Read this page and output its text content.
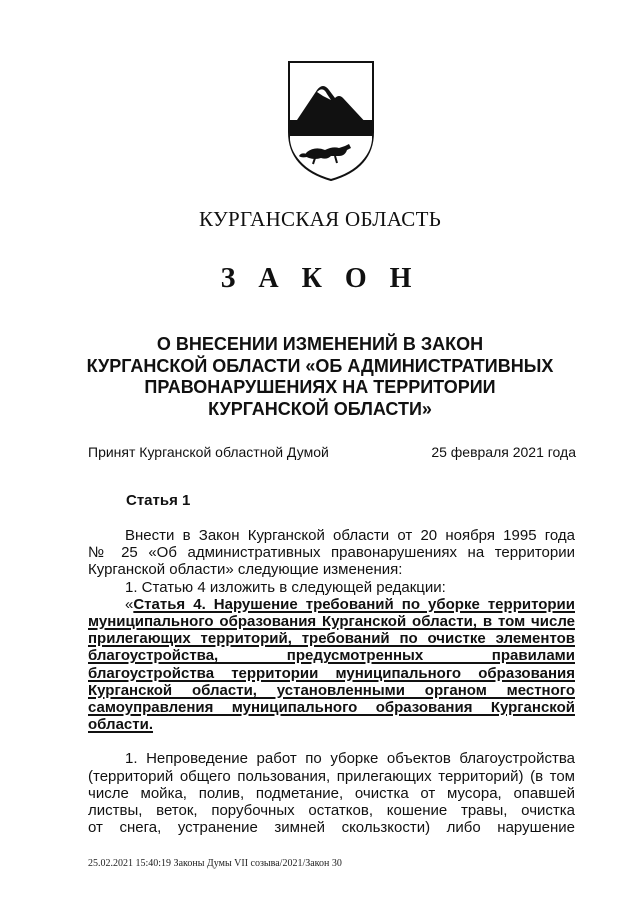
КУРГАНСКАЯ ОБЛАСТЬ
З А К О Н
О ВНЕСЕНИИ ИЗМЕНЕНИЙ В ЗАКОН
КУРГАНСКОЙ ОБЛАСТИ «ОБ АДМИНИСТРАТИВНЫХ
ПРАВОНАРУШЕНИЯХ НА ТЕРРИТОРИИ
КУРГАНСКОЙ ОБЛАСТИ»
Принят Курганской областной Думой	25 февраля 2021 года
Статья 1
Внести в Закон Курганской области от 20 ноября 1995 года
№ 25 «Об административных правонарушениях на территории
Курганской области» следующие изменения:
1. Статью 4 изложить в следующей редакции:
«Статья 4. Нарушение требований по уборке территории
муниципального образования Курганской области, в том числе
прилегающих территорий, требований по очистке элементов
благоустройства, предусмотренных правилами
благоустройства территории муниципального образования
Курганской области, установленными органом местного
самоуправления муниципального образования Курганской
области.
1. Непроведение работ по уборке объектов благоустройства
(территорий общего пользования, прилегающих территорий) (в том
числе мойка, полив, подметание, очистка от мусора, опавшей
листвы, веток, порубочных остатков, кошение травы, очистка
от снега, устранение зимней скользкости) либо нарушение
25.02.2021 15:40:19 Законы Думы VII созыва/2021/Закон 30
